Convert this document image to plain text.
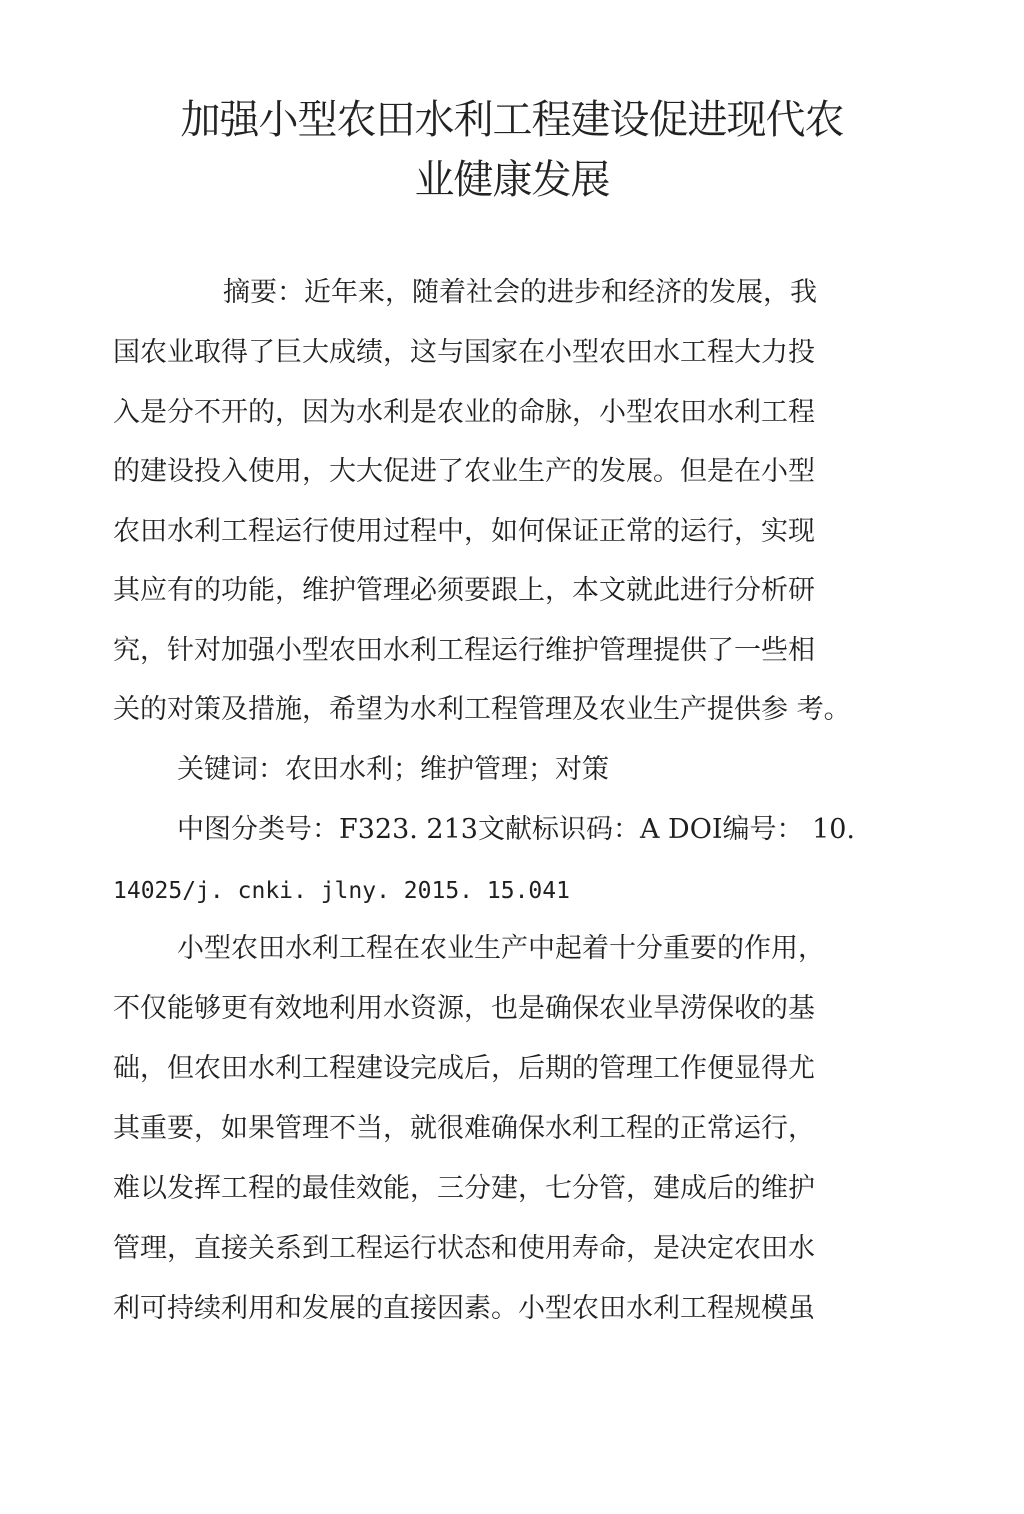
加强小型农田水利工程建设促进现代农
业健康发展
摘要：近年来，随着社会的进步和经济的发展，我
国农业取得了巨大成绩，这与国家在小型农田水工程大力投
入是分不开的，因为水利是农业的命脉，小型农田水利工程
的建设投入使用，大大促进了农业生产的发展。但是在小型
农田水利工程运行使用过程中，如何保证正常的运行，实现
其应有的功能，维护管理必须要跟上，本文就此进行分析研
究，针对加强小型农田水利工程运行维护管理提供了一些相
关的对策及措施，希望为水利工程管理及农业生产提供参 考。
关键词：农田水利；维护管理；对策
中图分类号：F323. 213文献标识码：A DOI编号： 10.
14025/j. cnki. jlny. 2015. 15.041
小型农田水利工程在农业生产中起着十分重要的作用，
不仅能够更有效地利用水资源，也是确保农业旱涝保收的基
础，但农田水利工程建设完成后，后期的管理工作便显得尤
其重要，如果管理不当，就很难确保水利工程的正常运行，
难以发挥工程的最佳效能，三分建，七分管，建成后的维护
管理，直接关系到工程运行状态和使用寿命，是决定农田水
利可持续利用和发展的直接因素。小型农田水利工程规模虽
